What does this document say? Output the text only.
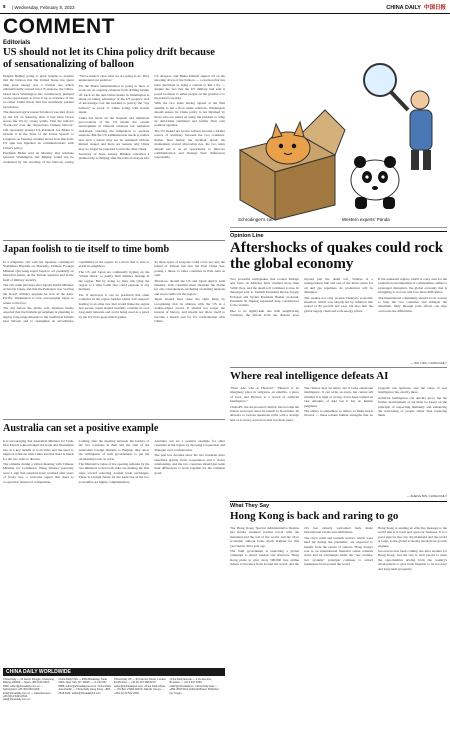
8 | Wednesday, February 8, 2023	CHINA DAILY 中国日报
COMMENT
Editorials
US should not let its China policy drift because of sensationalizing of balloon

Despite Beijing going to great lengths to explain that the balloon that the United States has spent time great energy was a civilian one which unintentionally strayed into US airspace, the China-based news Washington has continuously pumped on the opportunity to blow it up as evidence of the so-called China threat that has needlessly pushed up tensions.

The meteorological research balloon was shot down by the US on Saturday after it had been blown across the US by strong winds. That the nation's "freak-out" over the "mysterious Chinese balloon" will reportedly prompt US President Joe Biden to include it in the State of the Union Speech to Congress on Tuesday evening shows how much the US spin has hijacked its communications with China's policy.

President Biden said on Monday that relations between Washington and Beijing would not be weakened by the downing of the balloon, saying "We've made it clear what we are going to do. They understand our position."

Yet the Biden administration is going to have to work out an ongoing relations from drifting further off track as the anti-China mania in Washington is intent on taking advantage of the US people's lack of knowledge over the incident to portray the "spy balloon" as proof of China acting with hostile intent.

China has never let the frequent and deliberate provocations of the US hinder the overall development of bilateral relations but remained restrained, resisting the temptation to escalate tensions. But the US administration needs to realize that such a stance may not be sustained without mutual respect and there are reasons why China may no longer be prepared to turn the other cheek.

Secretary of State Antony Blinken cancelled a planned trip to Beijing after the balloon strayed into US airspace, and Biden himself signed off on the shooting down of the balloon — a reaction that has been described as using a cannon to kill a fly — despite the fact that the US military had said it posed no threat to either people on the ground or to the nation's security.

With the two sides having agreed at the Bali summit to put a floor under relations, Washington should ensure its China policy is not hijacked by those who are intent on using the incident to whip up anti-China sentiment and further their own political agendas.

The US should not let the balloon become a further source of acrimony between the two countries. Rather than letting the incident derail the momentum toward improving ties, the two sides should use it as an opportunity to improve communication and manage their differences responsibly.

Japan foolish to tie itself to time bomb

In a telephone call with his Japanese counterpart Yoshimasa Hayashi on Thursday, Chinese Foreign Minister Qin Gang urged Japan to act prudently on historical issues, on the Taiwan question and in the field of military security.

The call came just days after Japan's Prime Minister arrived in Japan, and that the Pentagon was "sorting the board" military upgrade he was, in the Asia-Pacific. Washington is now encouraging Japan to return to the fore.

The day before the phone call, Japanese media reported that the Kishida government is planning to deploy long-range missiles to the Southwest Islands near Taiwan and to strengthen its surveillance capabilities in the region, in a move that is sure to alarm its neighbors.

The US and Japan are continually hyping up the "China threat" to justify their military buildup in the region. But by doing so, they risk tying the region to a time bomb that could explode at any moment.

Yet, if deployed, it can be predicted that other countries in the region besides China will respond, leading to an arms race that would make the region less secure. Japan should carefully consider its own long-term interests and avoid being used as a pawn by the US in its geopolitical games.

So those types of weapons could cover not only the island of Taiwan but also the East China Sea, posing a threat to other countries in East Asia as well.

Therefore, should the US and Japan deploy such missiles, both countries must shoulder the blame for any consequences, including escalating tensions and even conflict in the region.

Japan should have done the right thing by recognizing that its alliance with the US is a double-edged sword. It should not forget the lessons of history, and should not allow itself to become a launch pad for US confrontation with China.

Australia can set a positive example

It is encouraging that Australian Minister for Trade Don Farrell acknowledged the trade and investment ties as a key benefit to both sides and the need to improve relations with China and that there is much for the two sides to discuss.

The remarks during a virtual meeting with Chinese Minister for Commerce Wang Wentao yesterday were a sign that relations have warmed after years of frosty ties, a welcome signal that there is cooperation instead of competition.

Coming after the meeting between the leaders of the two countries in Bali and the visit of the Australian foreign minister to Beijing, they show the willingness of both governments to put the relationship back on track.

The illustrative value of the opening remarks by the two ministers is that both sides are making the first steps toward restoring normal trade exchanges. There is a bright future for the trade ties as the two economies are highly complementary.

Australia can set a positive example for other countries in the region by choosing cooperation and dialogue over confrontation.

The past few decades show the two countries have benefited greatly from cooperation and a closer relationship, and the two countries should put aside their differences to work together for the common good.

CHINA DAILY WORLDWIDE
China Daily — 15 Huixin Dongjie, Chaoyang, Beijing 100029 — News +86 (0)10 6491-8366; editor@chinadaily.com.cn — Subscription +86 400-699-0203; sub@chinadaily.com.cn — Advertisement +86 (0)10 6491-8631; ads@chinadaily.com.cn
China Daily USA — 1500 Broadway, Suite 2800, New York, NY 10036 — +1 212 537 8888; editor@chinadailyusa.com. China Daily Asia Pacific — China Daily Hong Kong, +852 2518 5111; editor@chinadailyhk.com
China Daily UK — 90 Cannon Street, London EC4N 6HA — +44 (0) 207 398 8270; editor@chinadailyuk.com. China Daily Africa — PO Box 27281-00100, Nairobi, Kenya — +254 (0) 20 522 2360
China Daily Europe — 1 Av des Arts, Brussels — +32 2 207 4060; editor@chinadaily.eu. China Daily Asia — +852 2518 5111. Editorial Board. Publisher: Qu Yingpu
Schrodinger's cat	Western experts' Panda
Opinion Line
Aftershocks of quakes could rock the global economy

Two powerful earthquakes that rocked Turkiye and Syria on Monday have claimed more than 5,000 lives, and the death toll continues to rise. In messages sent to Turkish President Recep Tayyip Erdogan and Syrian President Bashar al-Assad, President Xi Jinping expressed deep condolences to the victims.

Due to its tightly-knit ties with neighboring countries, the fallout from the disaster goes beyond just the death toll. Turkiye is a transportation hub and one of the main routes for oil and gas pipelines, its production will be disrupted.

The quakes not only worsen Turkiye's economic situation, which was already hit by inflation that soared to 85 percent last year, but also hurt the global supply chain and rock energy prices.

If the quake-hit region, which is a key area for the production and shipment of commodities, suffers a prolonged disruption, the global economy that is struggling to recover will face more difficulties.

The international community should act in concert to help the two countries and mitigate the aftermath. Only through joint efforts can they overcome the difficulties.

— WU YIDA, CHINA DAILY
Where real intelligence defeats AI

"Dear AIs, who is Heaven?" "Heaven is an imaginary place in religions, an afterlife, a place of God, and Heaven is a crowd of artificial intelligence."

ChatGPT, the AI-powered chatbot, has become the hottest tech topic since its launch in November. Its answers to various questions come with a strange mix of accuracy and errors that fascinate users.

The chatbot may be smart, but it lacks emotional intelligence. It can write an essay, but cannot tell whether it is right or wrong. It has been trained on vast amounts of data but it has no human judgment.

The ability to empathize, to reflect, to make moral choices — these remain human strengths that no program can replicate, and the value of real intelligence lies exactly there.

Artificial intelligence can quickly grow, but the further development of AI must be based on the principle of respecting humanity and enhancing the well-being of people rather than replacing them.

— ZHENG BIN, CHINA DAILY
What They Say
Hong Kong is back and raring to go

The Hong Kong Special Administrative Region has finally resumed normal travel with the mainland and the rest of the world, and the city's economic outlook looks much brighter for this year than it did a year ago.

The SAR government is launching a global campaign to attract tourists and investors. Hong Kong plans to give away 500,000 free airline tickets to travelers from around the world, and the city has already welcomed back many international events and exhibitions.

The city's retail and tourism sectors, which were hard hit during the pandemic, are expected to benefit from the return of visitors. Hong Kong's role as an international financial center remains solid, and its advantages under the "one country, two systems" principle continue to attract businesses from around the world.

Hong Kong is sending an effective message to the world that it is back and open for business. It is a good sign for the city, the mainland and the world at large, as the global economy needs more growth engines.

Good news has been coming one after another for Hong Kong, and the city is well placed to seize the opportunities arising from the country's development to give fresh impetus to its recovery and long-term prosperity.
